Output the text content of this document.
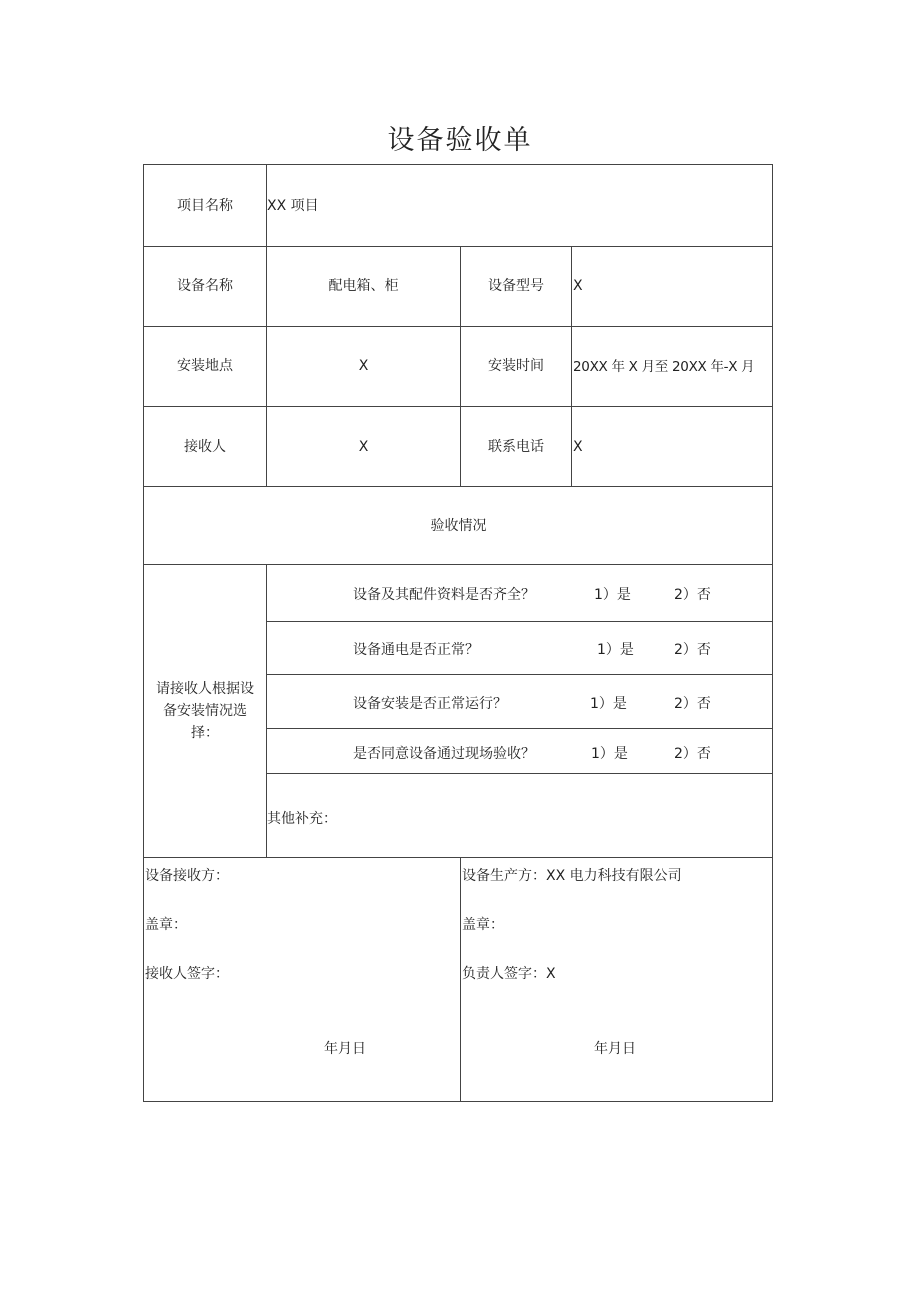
设备验收单
项目名称	XX 项目
设备名称	配电箱、柜	设备型号	X
安装地点	X	安装时间	20XX 年 X 月至 20XX 年-X 月
接收人	X	联系电话	X
验收情况
请接收人根据设备安装情况选择：
设备及其配件资料是否齐全？	1）是	2）否
设备通电是否正常？	1）是	2）否
设备安装是否正常运行？	1）是	2）否
是否同意设备通过现场验收？	1）是	2）否
其他补充：
设备接收方：
盖章：
接收人签字：
年月日
设备生产方：XX 电力科技有限公司
盖章：
负责人签字：X
年月日
